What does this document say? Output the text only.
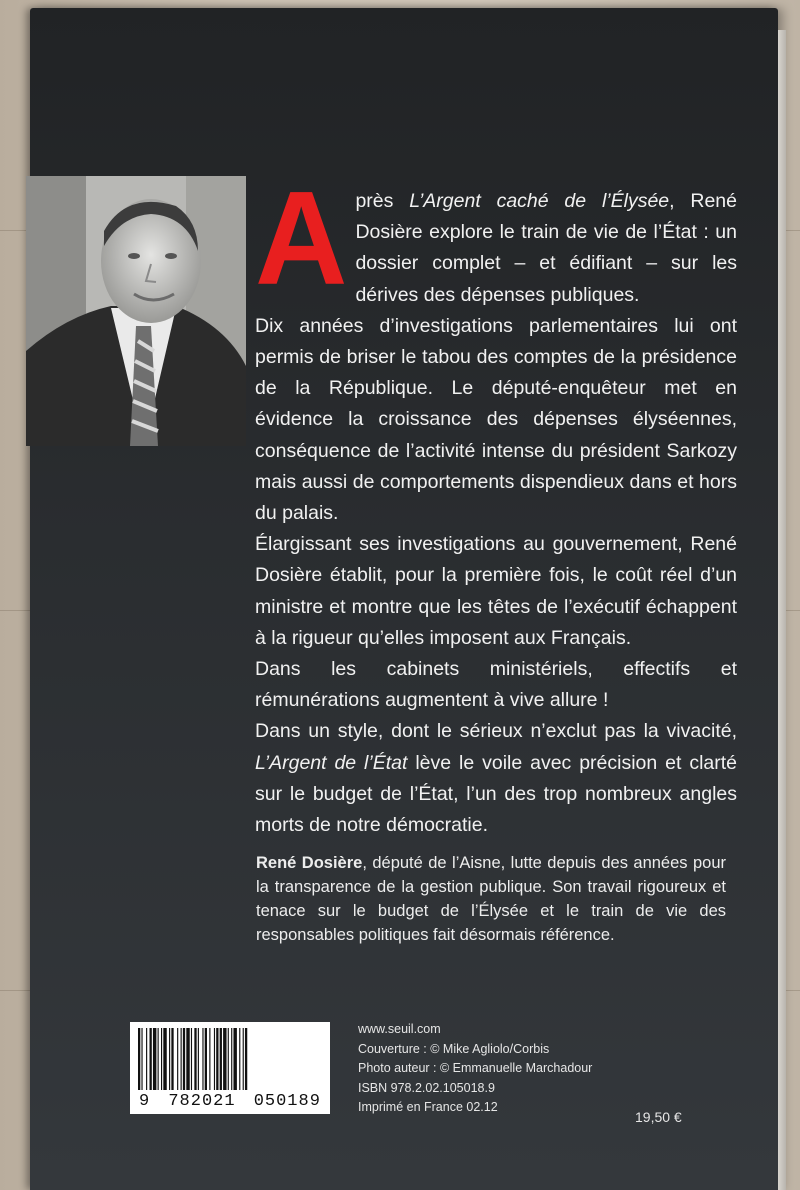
Après L’Argent caché de l’Élysée, René Dosière explore le train de vie de l’État : un dossier complet – et édifiant – sur les dérives des dépenses publiques.

Dix années d’investigations parlementaires lui ont permis de briser le tabou des comptes de la présidence de la République. Le député-enquêteur met en évidence la croissance des dépenses élyséennes, conséquence de l’activité intense du président Sarkozy mais aussi de comportements dispendieux dans et hors du palais.

Élargissant ses investigations au gouvernement, René Dosière établit, pour la première fois, le coût réel d’un ministre et montre que les têtes de l’exécutif échappent à la rigueur qu’elles imposent aux Français.

Dans les cabinets ministériels, effectifs et rémunérations augmentent à vive allure !

Dans un style, dont le sérieux n’exclut pas la vivacité, L’Argent de l’État lève le voile avec précision et clarté sur le budget de l’État, l’un des trop nombreux angles morts de notre démocratie.

René Dosière, député de l’Aisne, lutte depuis des années pour la transparence de la gestion publique. Son travail rigoureux et tenace sur le budget de l’Élysée et le train de vie des responsables politiques fait désormais référence.
9 782021 050189
www.seuil.com
Couverture : © Mike Agliolo/Corbis
Photo auteur : © Emmanuelle Marchadour
ISBN 978.2.02.105018.9
Imprimé en France 02.12
19,50 €
